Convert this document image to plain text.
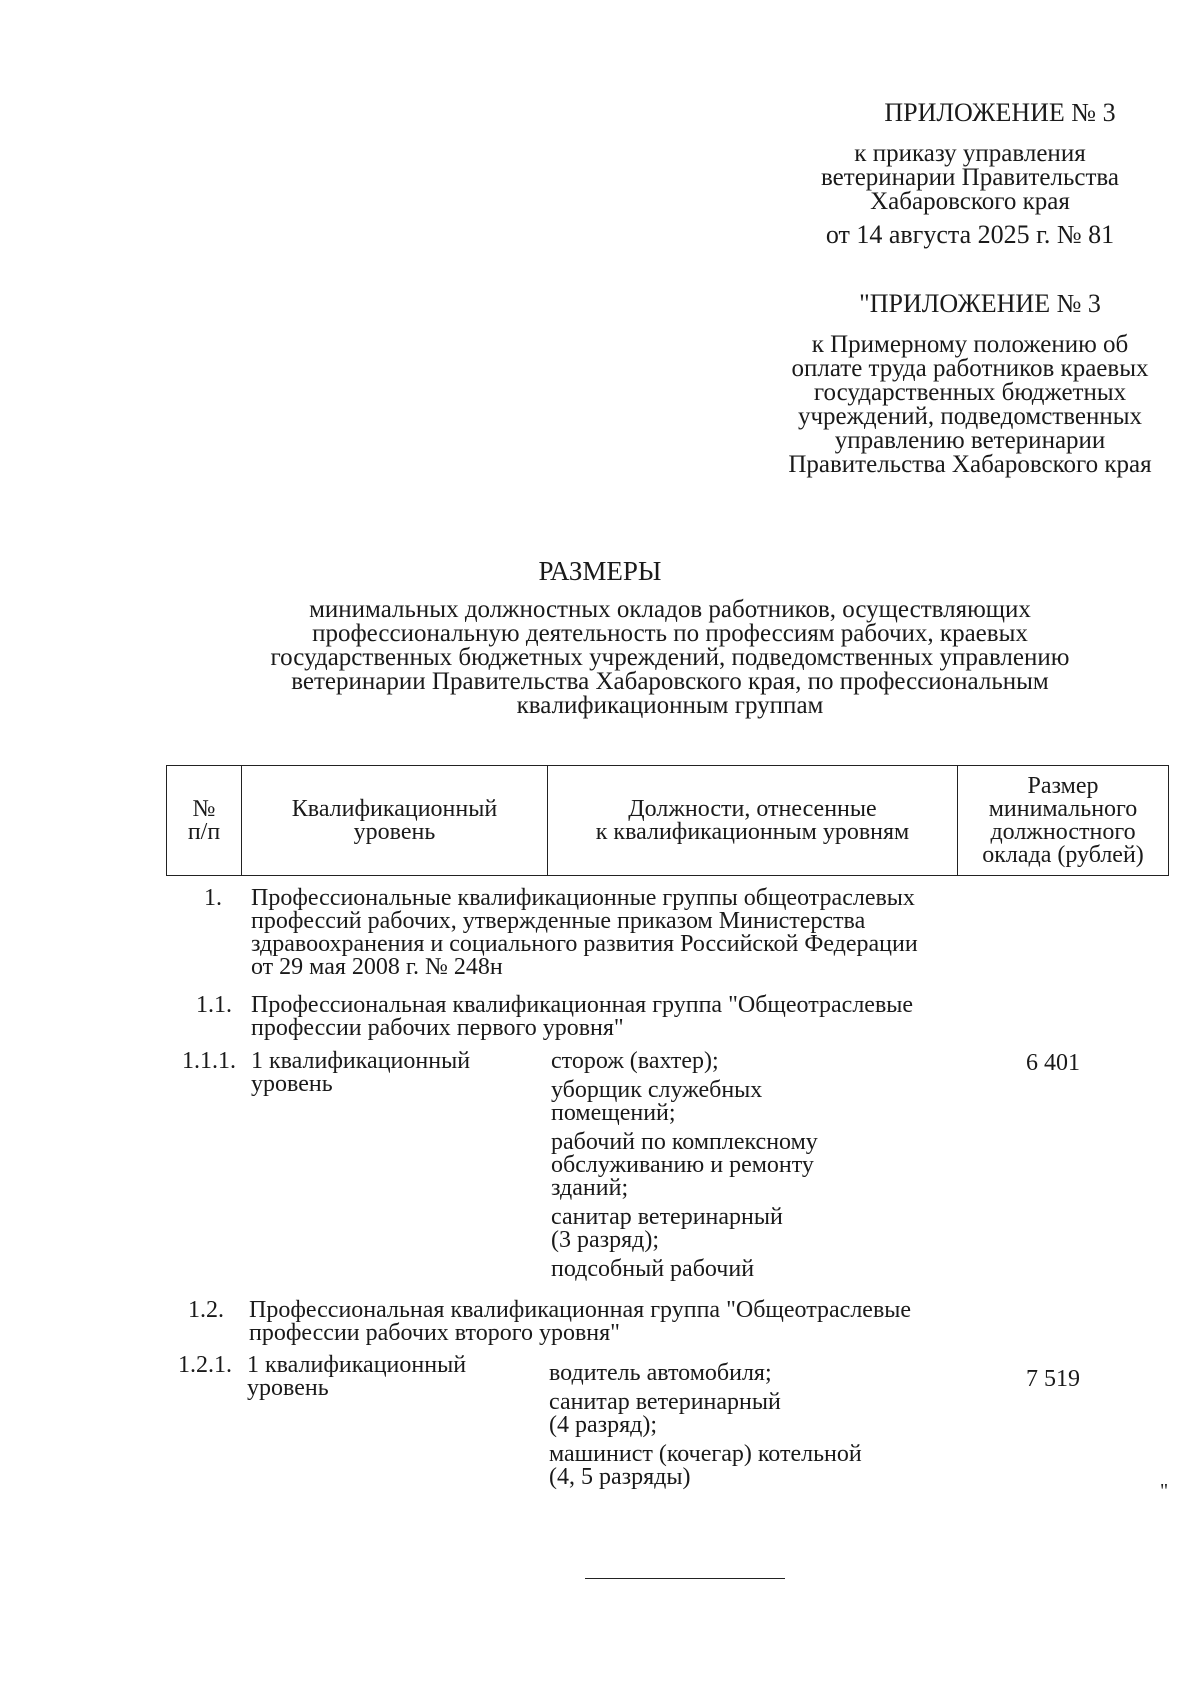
ПРИЛОЖЕНИЕ № 3
к приказу управления
ветеринарии Правительства
Хабаровского края
от 14 августа 2025 г. № 81
"ПРИЛОЖЕНИЕ № 3
к Примерному положению об
оплате труда работников краевых
государственных бюджетных
учреждений, подведомственных
управлению ветеринарии
Правительства Хабаровского края
РАЗМЕРЫ
минимальных должностных окладов работников, осуществляющих
профессиональную деятельность по профессиям рабочих, краевых
государственных бюджетных учреждений, подведомственных управлению
ветеринарии Правительства Хабаровского края, по профессиональным
квалификационным группам
№
п/п
Квалификационный
уровень
Должности, отнесенные
к квалификационным уровням
Размер
минимального
должностного
оклада (рублей)
1. Профессиональные квалификационные группы общеотраслевых
профессий рабочих, утвержденные приказом Министерства
здравоохранения и социального развития Российской Федерации
от 29 мая 2008 г. № 248н
1.1. Профессиональная квалификационная группа "Общеотраслевые
профессии рабочих первого уровня"
1.1.1. 1 квалификационный
уровень
сторож (вахтер);
уборщик служебных
помещений;
рабочий по комплексному
обслуживанию и ремонту
зданий;
санитар ветеринарный
(3 разряд);
подсобный рабочий
6 401
1.2. Профессиональная квалификационная группа "Общеотраслевые
профессии рабочих второго уровня"
1.2.1. 1 квалификационный
уровень
водитель автомобиля;
санитар ветеринарный
(4 разряд);
машинист (кочегар) котельной
(4, 5 разряды)
7 519
"
